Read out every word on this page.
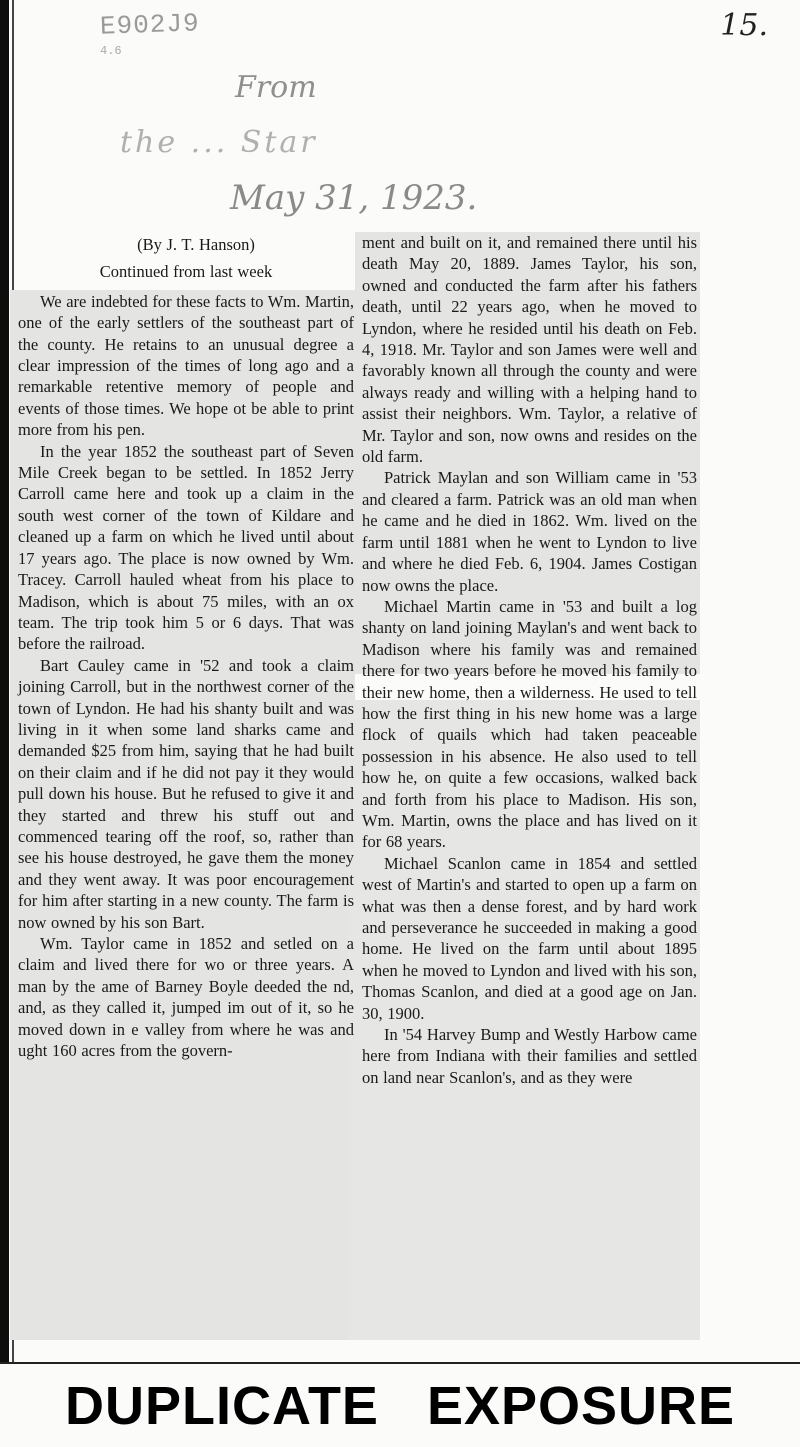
E902J9
4.6
15.
From
the ... Star
May 31, 1923.

(By J. T. Hanson)

Continued from last week

We are indebted for these facts to Wm. Martin, one of the early settlers of the southeast part of the county. He retains to an unusual degree a clear impression of the times of long ago and a remarkable retentive memory of people and events of those times. We hope ot be able to print more from his pen.

In the year 1852 the southeast part of Seven Mile Creek began to be settled. In 1852 Jerry Carroll came here and took up a claim in the south west corner of the town of Kildare and cleaned up a farm on which he lived until about 17 years ago. The place is now owned by Wm. Tracey. Carroll hauled wheat from his place to Madison, which is about 75 miles, with an ox team. The trip took him 5 or 6 days. That was before the railroad.

Bart Cauley came in '52 and took a claim joining Carroll, but in the northwest corner of the town of Lyndon. He had his shanty built and was living in it when some land sharks came and demanded $25 from him, saying that he had built on their claim and if he did not pay it they would pull down his house. But he refused to give it and they started and threw his stuff out and commenced tearing off the roof, so, rather than see his house destroyed, he gave them the money and they went away. It was poor encouragement for him after starting in a new county. The farm is now owned by his son Bart.

Wm. Taylor came in 1852 and setled on a claim and lived there for wo or three years. A man by the ame of Barney Boyle deeded the nd, and, as they called it, jumped im out of it, so he moved down in e valley from where he was and ught 160 acres from the govern-

ment and built on it, and remained there until his death May 20, 1889. James Taylor, his son, owned and conducted the farm after his fathers death, until 22 years ago, when he moved to Lyndon, where he resided until his death on Feb. 4, 1918. Mr. Taylor and son James were well and favorably known all through the county and were always ready and willing with a helping hand to assist their neighbors. Wm. Taylor, a relative of Mr. Taylor and son, now owns and resides on the old farm.

Patrick Maylan and son William came in '53 and cleared a farm. Patrick was an old man when he came and he died in 1862. Wm. lived on the farm until 1881 when he went to Lyndon to live and where he died Feb. 6, 1904. James Costigan now owns the place.

Michael Martin came in '53 and built a log shanty on land joining Maylan's and went back to Madison where his family was and remained there for two years before he moved his family to their new home, then a wilderness. He used to tell how the first thing in his new home was a large flock of quails which had taken peaceable possession in his absence. He also used to tell how he, on quite a few occasions, walked back and forth from his place to Madison. His son, Wm. Martin, owns the place and has lived on it for 68 years.

Michael Scanlon came in 1854 and settled west of Martin's and started to open up a farm on what was then a dense forest, and by hard work and perseverance he succeeded in making a good home. He lived on the farm until about 1895 when he moved to Lyndon and lived with his son, Thomas Scanlon, and died at a good age on Jan. 30, 1900.

In '54 Harvey Bump and Westly Harbow came here from Indiana with their families and settled on land near Scanlon's, and as they were

DUPLICATE EXPOSURE
